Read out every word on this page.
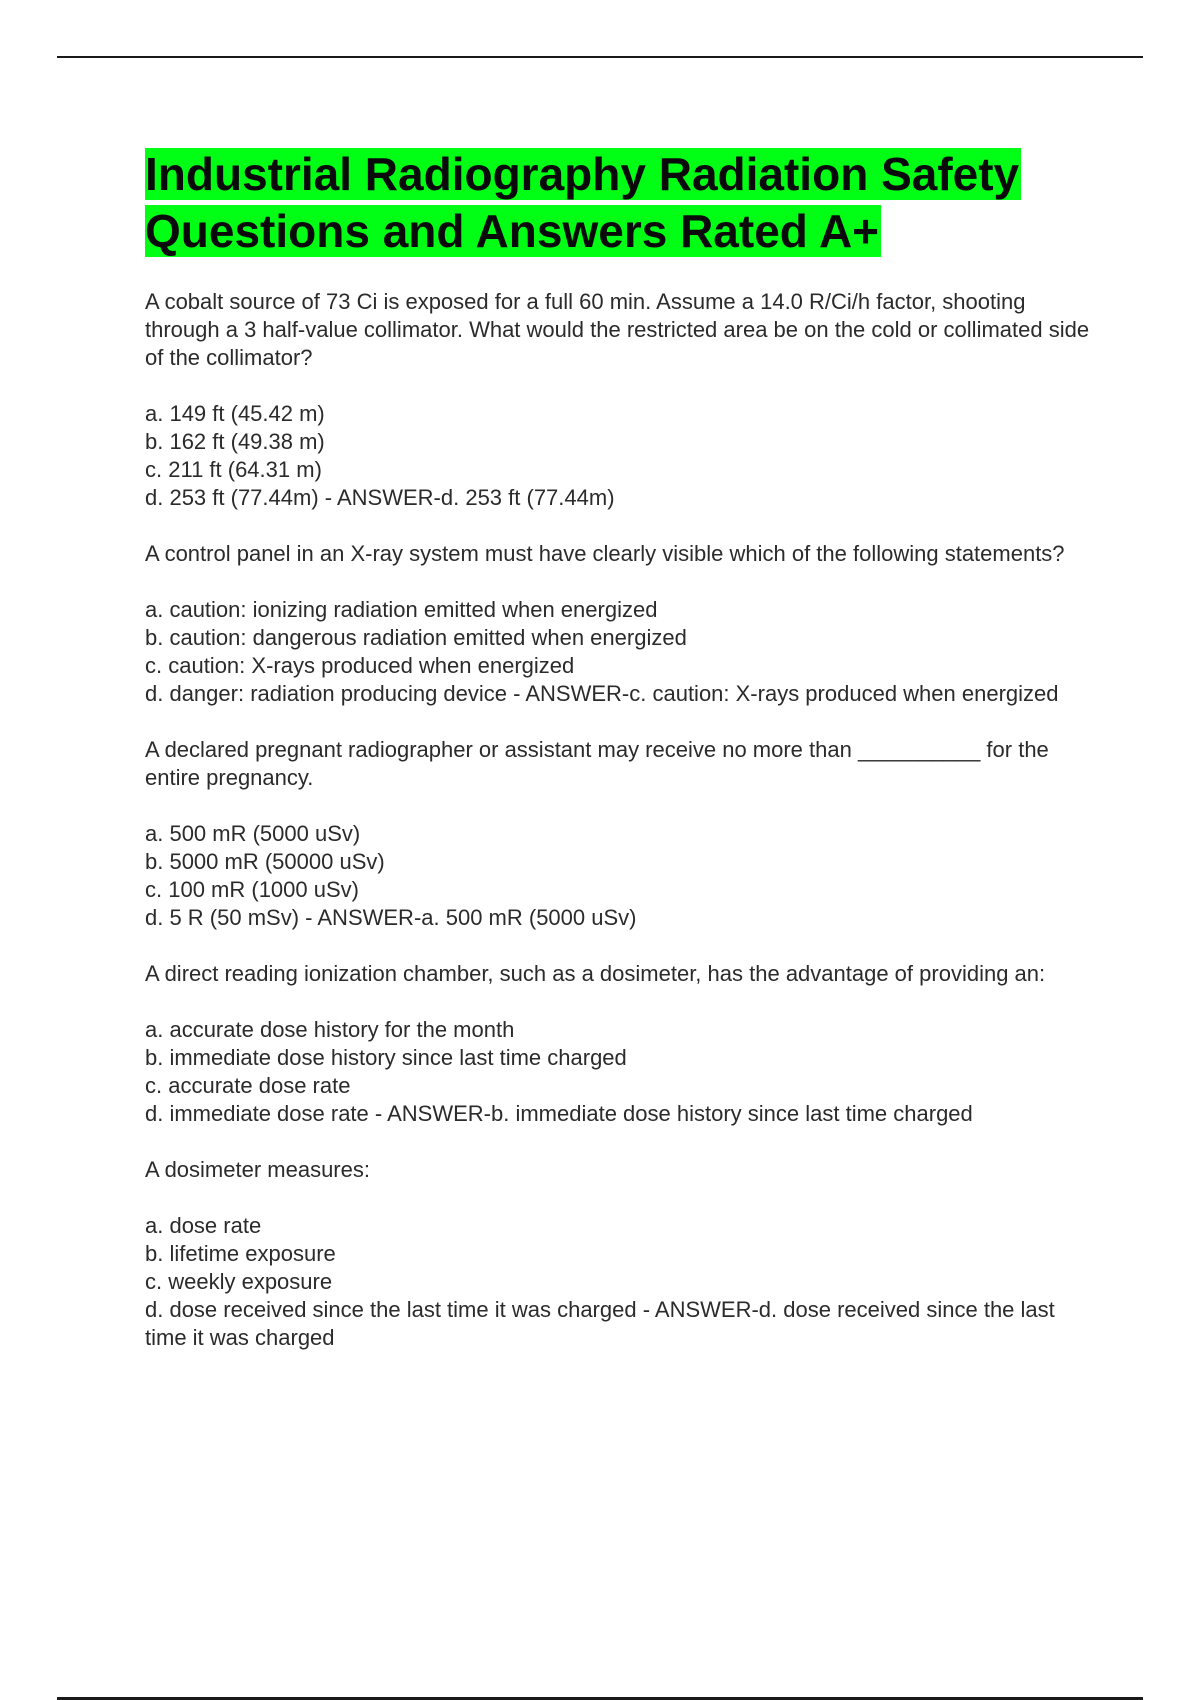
Industrial Radiography Radiation Safety
Questions and Answers Rated A+

A cobalt source of 73 Ci is exposed for a full 60 min. Assume a 14.0 R/Ci/h factor, shooting through a 3 half-value collimator. What would the restricted area be on the cold or collimated side of the collimator?

a. 149 ft (45.42 m)
b. 162 ft (49.38 m)
c. 211 ft (64.31 m)
d. 253 ft (77.44m) - ANSWER-d. 253 ft (77.44m)

A control panel in an X-ray system must have clearly visible which of the following statements?

a. caution: ionizing radiation emitted when energized
b. caution: dangerous radiation emitted when energized
c. caution: X-rays produced when energized
d. danger: radiation producing device - ANSWER-c. caution: X-rays produced when energized

A declared pregnant radiographer or assistant may receive no more than __________ for the entire pregnancy.

a. 500 mR (5000 uSv)
b. 5000 mR (50000 uSv)
c. 100 mR (1000 uSv)
d. 5 R (50 mSv) - ANSWER-a. 500 mR (5000 uSv)

A direct reading ionization chamber, such as a dosimeter, has the advantage of providing an:

a. accurate dose history for the month
b. immediate dose history since last time charged
c. accurate dose rate
d. immediate dose rate - ANSWER-b. immediate dose history since last time charged

A dosimeter measures:

a. dose rate
b. lifetime exposure
c. weekly exposure
d. dose received since the last time it was charged - ANSWER-d. dose received since the last time it was charged
